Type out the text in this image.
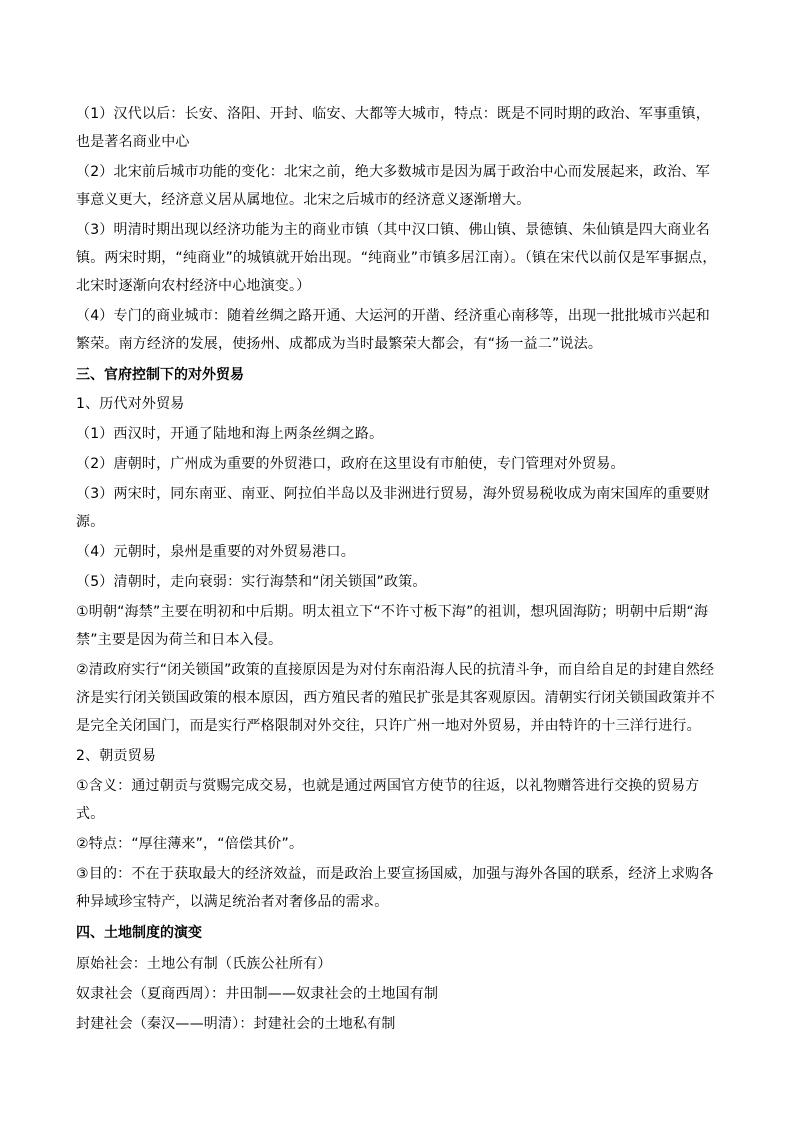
（1）汉代以后：长安、洛阳、开封、临安、大都等大城市，特点：既是不同时期的政治、军事重镇，也是著名商业中心

（2）北宋前后城市功能的变化：北宋之前，绝大多数城市是因为属于政治中心而发展起来，政治、军事意义更大，经济意义居从属地位。北宋之后城市的经济意义逐渐增大。

（3）明清时期出现以经济功能为主的商业市镇（其中汉口镇、佛山镇、景德镇、朱仙镇是四大商业名镇。两宋时期，“纯商业”的城镇就开始出现。“纯商业”市镇多居江南）。（镇在宋代以前仅是军事据点，北宋时逐渐向农村经济中心地演变。）

（4）专门的商业城市：随着丝绸之路开通、大运河的开凿、经济重心南移等，出现一批批城市兴起和繁荣。南方经济的发展，使扬州、成都成为当时最繁荣大都会，有“扬一益二”说法。

三、官府控制下的对外贸易

1、历代对外贸易

（1）西汉时，开通了陆地和海上两条丝绸之路。

（2）唐朝时，广州成为重要的外贸港口，政府在这里设有市舶使，专门管理对外贸易。

（3）两宋时，同东南亚、南亚、阿拉伯半岛以及非洲进行贸易，海外贸易税收成为南宋国库的重要财源。

（4）元朝时，泉州是重要的对外贸易港口。

（5）清朝时，走向衰弱：实行海禁和“闭关锁国”政策。

①明朝“海禁”主要在明初和中后期。明太祖立下“不许寸板下海”的祖训，想巩固海防；明朝中后期“海禁”主要是因为荷兰和日本入侵。

②清政府实行“闭关锁国”政策的直接原因是为对付东南沿海人民的抗清斗争，而自给自足的封建自然经济是实行闭关锁国政策的根本原因，西方殖民者的殖民扩张是其客观原因。清朝实行闭关锁国政策并不是完全关闭国门，而是实行严格限制对外交往，只许广州一地对外贸易，并由特许的十三洋行进行。

2、朝贡贸易

①含义：通过朝贡与赏赐完成交易，也就是通过两国官方使节的往返，以礼物赠答进行交换的贸易方式。

②特点：“厚往薄来”，“倍偿其价”。

③目的：不在于获取最大的经济效益，而是政治上要宣扬国威，加强与海外各国的联系，经济上求购各种异域珍宝特产，以满足统治者对奢侈品的需求。

四、土地制度的演变

原始社会：土地公有制（氏族公社所有）

奴隶社会（夏商西周）：井田制——奴隶社会的土地国有制

封建社会（秦汉——明清）：封建社会的土地私有制
